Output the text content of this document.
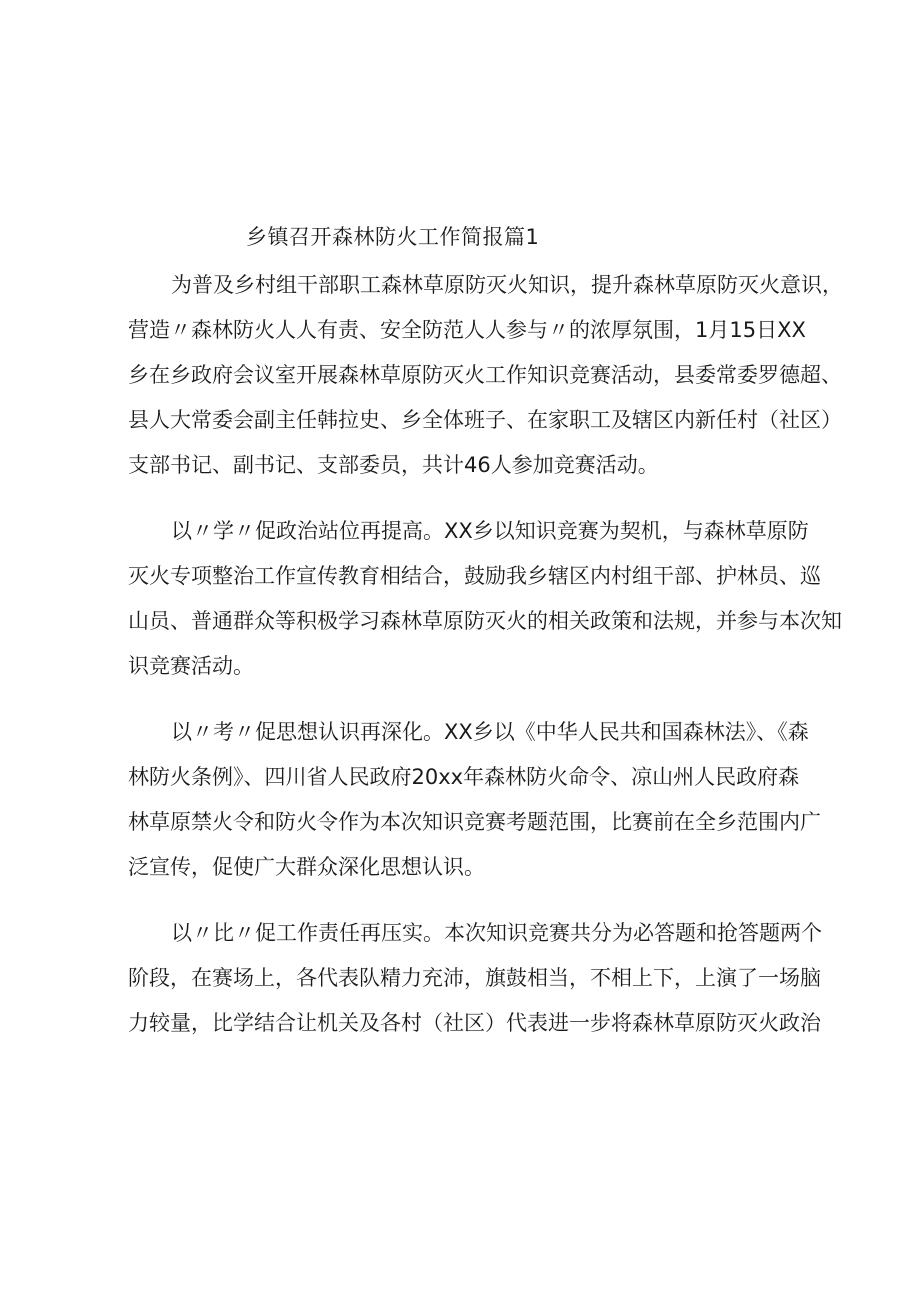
乡镇召开森林防火工作简报篇1
为普及乡村组干部职工森林草原防灭火知识，提升森林草原防灭火意识，
营造〃森林防火人人有责、安全防范人人参与〃的浓厚氛围，1月15日XX
乡在乡政府会议室开展森林草原防灭火工作知识竞赛活动，县委常委罗德超、
县人大常委会副主任韩拉史、乡全体班子、在家职工及辖区内新任村（社区）
支部书记、副书记、支部委员，共计46人参加竞赛活动。
以〃学〃促政治站位再提高。XX乡以知识竞赛为契机，与森林草原防
灭火专项整治工作宣传教育相结合，鼓励我乡辖区内村组干部、护林员、巡
山员、普通群众等积极学习森林草原防灭火的相关政策和法规，并参与本次知
识竞赛活动。
以〃考〃促思想认识再深化。XX乡以《中华人民共和国森林法》、《森
林防火条例》、四川省人民政府20xx年森林防火命令、凉山州人民政府森
林草原禁火令和防火令作为本次知识竞赛考题范围，比赛前在全乡范围内广
泛宣传，促使广大群众深化思想认识。
以〃比〃促工作责任再压实。本次知识竞赛共分为必答题和抢答题两个
阶段，在赛场上，各代表队精力充沛，旗鼓相当，不相上下，上演了一场脑
力较量，比学结合让机关及各村（社区）代表进一步将森林草原防灭火政治
